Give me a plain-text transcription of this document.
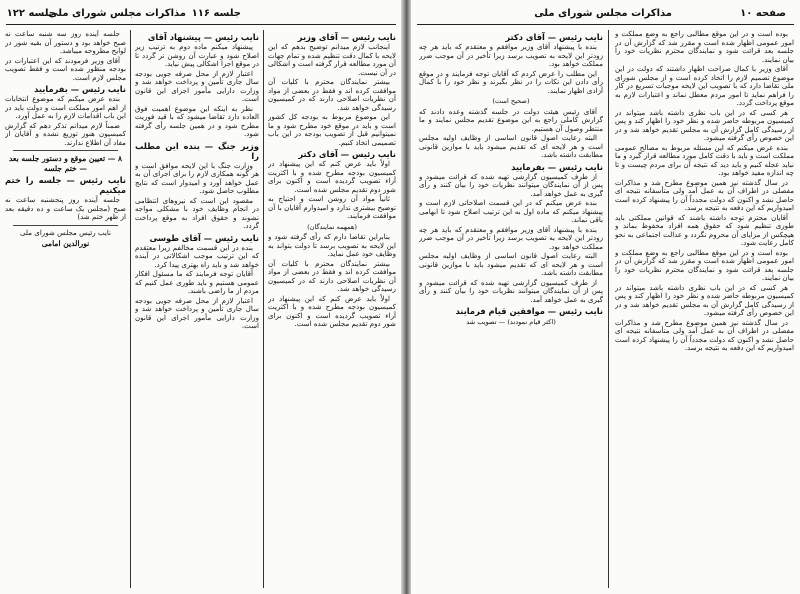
صفحه ۱۰
مذاکرات مجلس شورای ملی

بوده است و در این موقع مطالبی راجع به وضع مملکت و امور عمومی اظهار شده است و مقرر شد که گزارش آن در جلسه بعد قرائت شود و نمایندگان محترم نظریات خود را بیان نمایند.

آقای وزیر با کمال صراحت اظهار داشتند که دولت در این موضوع تصمیم لازم را اتخاذ کرده است و از مجلس شورای ملی تقاضا دارد که با تصویب این لایحه موجبات تسریع در کار را فراهم نماید تا امور مردم معطل نماند و اعتبارات لازم به موقع پرداخت گردد.

هر کسی که در این باب نظری داشته باشد میتواند در کمیسیون مربوطه حاضر شده و نظر خود را اظهار کند و پس از رسیدگی کامل گزارش آن به مجلس تقدیم خواهد شد و در این خصوص رأی گرفته میشود.

بنده عرض میکنم که این مسئله مربوط به مصالح عمومی مملکت است و باید با دقت کامل مورد مطالعه قرار گیرد و ما نباید عجله کنیم و باید دید که نتیجه آن برای مردم چیست و تا چه اندازه مفید خواهد بود.

در سال گذشته نیز همین موضوع مطرح شد و مذاکرات مفصلی در اطراف آن به عمل آمد ولی متأسفانه نتیجه ای حاصل نشد و اکنون که دولت مجدداً آن را پیشنهاد کرده است امیدواریم که این دفعه به نتیجه برسد.

آقایان محترم توجه داشته باشند که قوانین مملکتی باید طوری تنظیم شود که حقوق همه افراد محفوظ بماند و هیچکس از مزایای آن محروم نگردد و عدالت اجتماعی به نحو کامل رعایت شود.

بوده است و در این موقع مطالبی راجع به وضع مملکت و امور عمومی اظهار شده است و مقرر شد که گزارش آن در جلسه بعد قرائت شود و نمایندگان محترم نظریات خود را بیان نمایند.

هر کسی که در این باب نظری داشته باشد میتواند در کمیسیون مربوطه حاضر شده و نظر خود را اظهار کند و پس از رسیدگی کامل گزارش آن به مجلس تقدیم خواهد شد و در این خصوص رأی گرفته میشود.

در سال گذشته نیز همین موضوع مطرح شد و مذاکرات مفصلی در اطراف آن به عمل آمد ولی متأسفانه نتیجه ای حاصل نشد و اکنون که دولت مجدداً آن را پیشنهاد کرده است امیدواریم که این دفعه به نتیجه برسد.

نایب رئیس — آقای دکتر

بنده با پیشنهاد آقای وزیر موافقم و معتقدم که باید هر چه زودتر این لایحه به تصویب برسد زیرا تأخیر در آن موجب ضرر مملکت خواهد بود.

این مطلب را عرض کردم که آقایان توجه فرمایند و در موقع رأی دادن این نکات را در نظر بگیرند و نظر خود را با کمال آزادی اظهار نمایند.

(صحیح است)

آقای رئیس هیئت دولت در جلسه گذشته وعده دادند که گزارش کاملی راجع به این موضوع تقدیم مجلس نمایند و ما منتظر وصول آن هستیم.

البته رعایت اصول قانون اساسی از وظایف اولیه مجلس است و هر لایحه ای که تقدیم میشود باید با موازین قانونی مطابقت داشته باشد.

نایب رئیس — بفرمایید

از طرف کمیسیون گزارشی تهیه شده که قرائت میشود و پس از آن نمایندگان میتوانند نظریات خود را بیان کنند و رأی گیری به عمل خواهد آمد.

بنده عرض میکنم که در این قسمت اصلاحاتی لازم است و پیشنهاد میکنم که ماده اول به این ترتیب اصلاح شود تا ابهامی باقی نماند.

بنده با پیشنهاد آقای وزیر موافقم و معتقدم که باید هر چه زودتر این لایحه به تصویب برسد زیرا تأخیر در آن موجب ضرر مملکت خواهد بود.

البته رعایت اصول قانون اساسی از وظایف اولیه مجلس است و هر لایحه ای که تقدیم میشود باید با موازین قانونی مطابقت داشته باشد.

از طرف کمیسیون گزارشی تهیه شده که قرائت میشود و پس از آن نمایندگان میتوانند نظریات خود را بیان کنند و رأی گیری به عمل خواهد آمد.

نایب رئیس — موافقین قیام فرمایند

(اکثر قیام نمودند) — تصویب شد

جلسه ۱۱۶
مذاکرات مجلس شورای ملی
جلسه ۱۲۲

نایب رئیس — آقای وزیر

اینجانب لازم میدانم توضیح بدهم که این لایحه با کمال دقت تنظیم شده و تمام جهات آن مورد مطالعه قرار گرفته است و اشکالی در آن نیست.

بیشتر نمایندگان محترم با کلیات آن موافقت کرده اند و فقط در بعضی از مواد آن نظریات اصلاحی دارند که در کمیسیون رسیدگی خواهد شد.

این موضوع مربوط به بودجه کل کشور است و باید در موقع خود مطرح شود و ما نمیتوانیم قبل از تصویب بودجه در این باب تصمیمی اتخاذ کنیم.

نایب رئیس — آقای دکتر

اولاً باید عرض کنم که این پیشنهاد در کمیسیون بودجه مطرح شده و با اکثریت آراء تصویب گردیده است و اکنون برای شور دوم تقدیم مجلس شده است.

ثانیاً مواد آن روشن است و احتیاج به توضیح بیشتری ندارد و امیدوارم آقایان با آن موافقت فرمایند.

(همهمه نمایندگان)

بنابراین تقاضا دارم که رأی گرفته شود و این لایحه به تصویب برسد تا دولت بتواند به وظایف خود عمل نماید.

بیشتر نمایندگان محترم با کلیات آن موافقت کرده اند و فقط در بعضی از مواد آن نظریات اصلاحی دارند که در کمیسیون رسیدگی خواهد شد.

اولاً باید عرض کنم که این پیشنهاد در کمیسیون بودجه مطرح شده و با اکثریت آراء تصویب گردیده است و اکنون برای شور دوم تقدیم مجلس شده است.

نایب رئیس — پیشنهاد آقای

پیشنهاد میکنم ماده دوم به ترتیب زیر اصلاح شود و عبارت آن روشن تر گردد تا در موقع اجرا اشکالی پیش نیاید.

اعتبار لازم از محل صرفه جویی بودجه سال جاری تأمین و پرداخت خواهد شد و وزارت دارایی مأمور اجرای این قانون است.

نظر به اینکه این موضوع اهمیت فوق العاده دارد تقاضا میشود که با قید فوریت مطرح شود و در همین جلسه رأی گرفته شود.

وزیر جنگ — بنده این مطلب را

وزارت جنگ با این لایحه موافق است و هر گونه همکاری لازم را برای اجرای آن به عمل خواهد آورد و امیدوار است که نتایج مطلوب حاصل شود.

مقصود این است که نیروهای انتظامی در انجام وظایف خود با مشکلی مواجه نشوند و حقوق افراد به موقع پرداخت گردد.

نایب رئیس — آقای طوسی

بنده در این قسمت مخالفم زیرا معتقدم که این ترتیب موجب اشکالاتی در آینده خواهد شد و باید راه بهتری پیدا کرد.

آقایان توجه فرمایند که ما مسئول افکار عمومی هستیم و باید طوری عمل کنیم که مردم از ما راضی باشند.

اعتبار لازم از محل صرفه جویی بودجه سال جاری تأمین و پرداخت خواهد شد و وزارت دارایی مأمور اجرای این قانون است.

جلسه آینده روز سه شنبه ساعت نه صبح خواهد بود و دستور آن بقیه شور در لوایح مطروحه میباشد.

آقای وزیر فرمودند که این اعتبارات در بودجه منظور شده است و فقط تصویب مجلس لازم است.

نایب رئیس — بفرمایید

بنده عرض میکنم که موضوع انتخابات از اهم امور مملکت است و دولت باید در این باب اقدامات لازم را به عمل آورد.

ضمناً لازم میدانم تذکر دهم که گزارش کمیسیون هنوز توزیع نشده و آقایان از مفاد آن اطلاع ندارند.

۸ — تعیین موقع و دستور جلسه بعد — ختم جلسه

نایب رئیس — جلسه را ختم میکنیم

جلسه آینده روز پنجشنبه ساعت نه صبح (مجلس یک ساعت و ده دقیقه بعد از ظهر ختم شد)

نایب رئیس مجلس شورای ملی

نورالدین امامی
